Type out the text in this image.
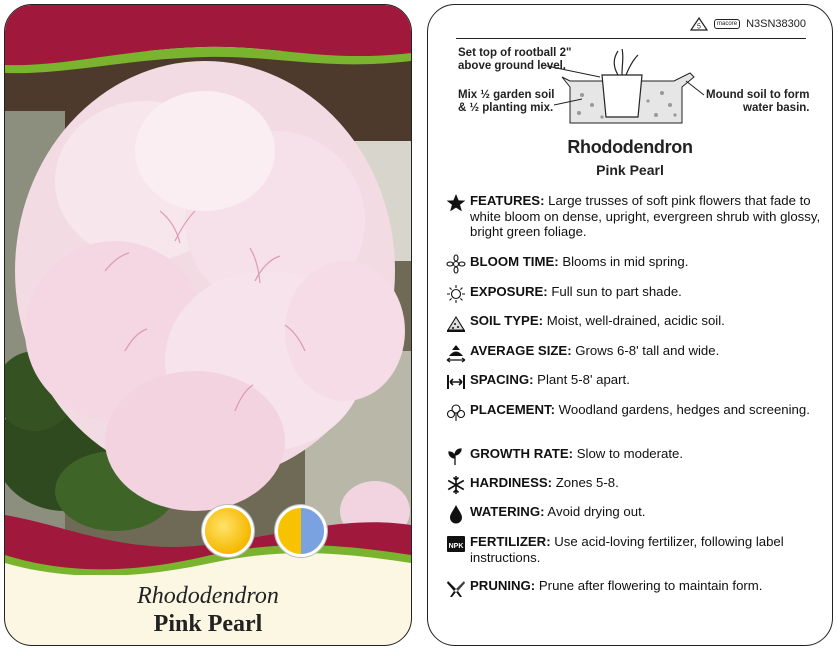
Rhododendron
Pink Pearl
5	macore N3SN38300
Set top of rootball 2"
above ground level.
Mix ½ garden soil
& ½ planting mix.
Mound soil to form
water basin.
Rhododendron
Pink Pearl
FEATURES: Large trusses of soft pink flowers that fade to white bloom on dense, upright, evergreen shrub with glossy, bright green foliage.
BLOOM TIME: Blooms in mid spring.
EXPOSURE: Full sun to part shade.
SOIL TYPE: Moist, well-drained, acidic soil.
AVERAGE SIZE: Grows 6-8' tall and wide.
SPACING: Plant 5-8' apart.
PLACEMENT: Woodland gardens, hedges and screening.
GROWTH RATE: Slow to moderate.
HARDINESS: Zones 5-8.
WATERING: Avoid drying out.
NPK FERTILIZER: Use acid-loving fertilizer, following label instructions.
PRUNING: Prune after flowering to maintain form.
